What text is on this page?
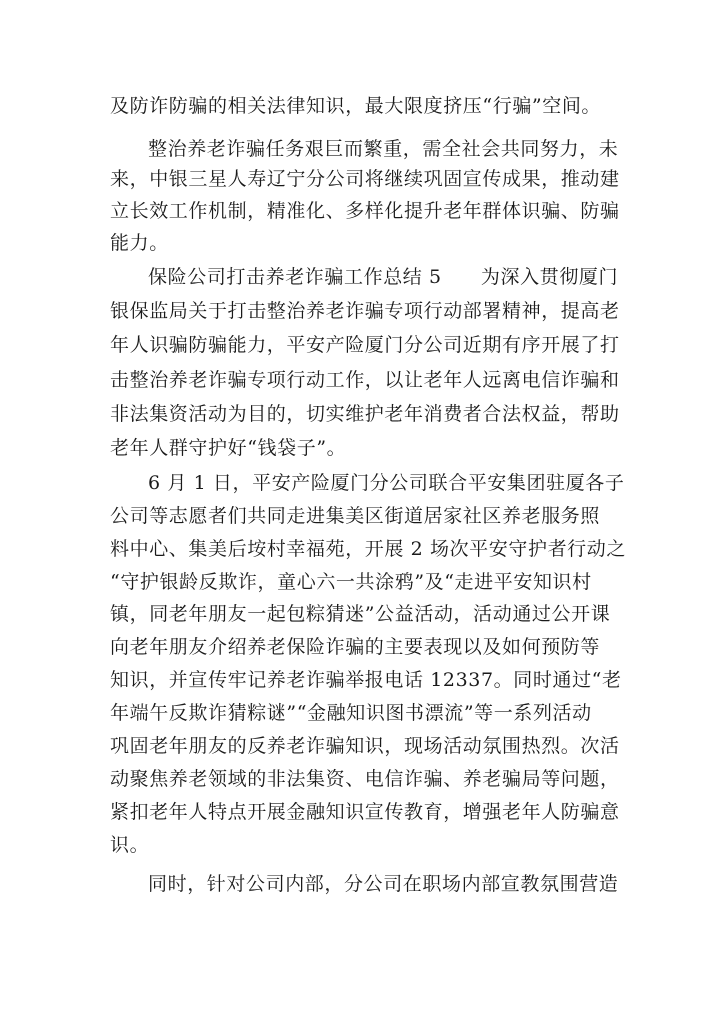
及防诈防骗的相关法律知识，最大限度挤压“行骗”空间。
整治养老诈骗任务艰巨而繁重，需全社会共同努力，未
来，中银三星人寿辽宁分公司将继续巩固宣传成果，推动建
立长效工作机制，精准化、多样化提升老年群体识骗、防骗
能力。
保险公司打击养老诈骗工作总结 5　　为深入贯彻厦门
银保监局关于打击整治养老诈骗专项行动部署精神，提高老
年人识骗防骗能力，平安产险厦门分公司近期有序开展了打
击整治养老诈骗专项行动工作，以让老年人远离电信诈骗和
非法集资活动为目的，切实维护老年消费者合法权益，帮助
老年人群守护好“钱袋子”。
6 月 1 日，平安产险厦门分公司联合平安集团驻厦各子
公司等志愿者们共同走进集美区街道居家社区养老服务照
料中心、集美后垵村幸福苑，开展 2 场次平安守护者行动之
“守护银龄反欺诈，童心六一共涂鸦”及“走进平安知识村
镇，同老年朋友一起包粽猜迷”公益活动，活动通过公开课
向老年朋友介绍养老保险诈骗的主要表现以及如何预防等
知识，并宣传牢记养老诈骗举报电话 12337。同时通过“老
年端午反欺诈猜粽谜”“金融知识图书漂流”等一系列活动
巩固老年朋友的反养老诈骗知识，现场活动氛围热烈。次活
动聚焦养老领域的非法集资、电信诈骗、养老骗局等问题，
紧扣老年人特点开展金融知识宣传教育，增强老年人防骗意
识。
同时，针对公司内部，分公司在职场内部宣教氛围营造
